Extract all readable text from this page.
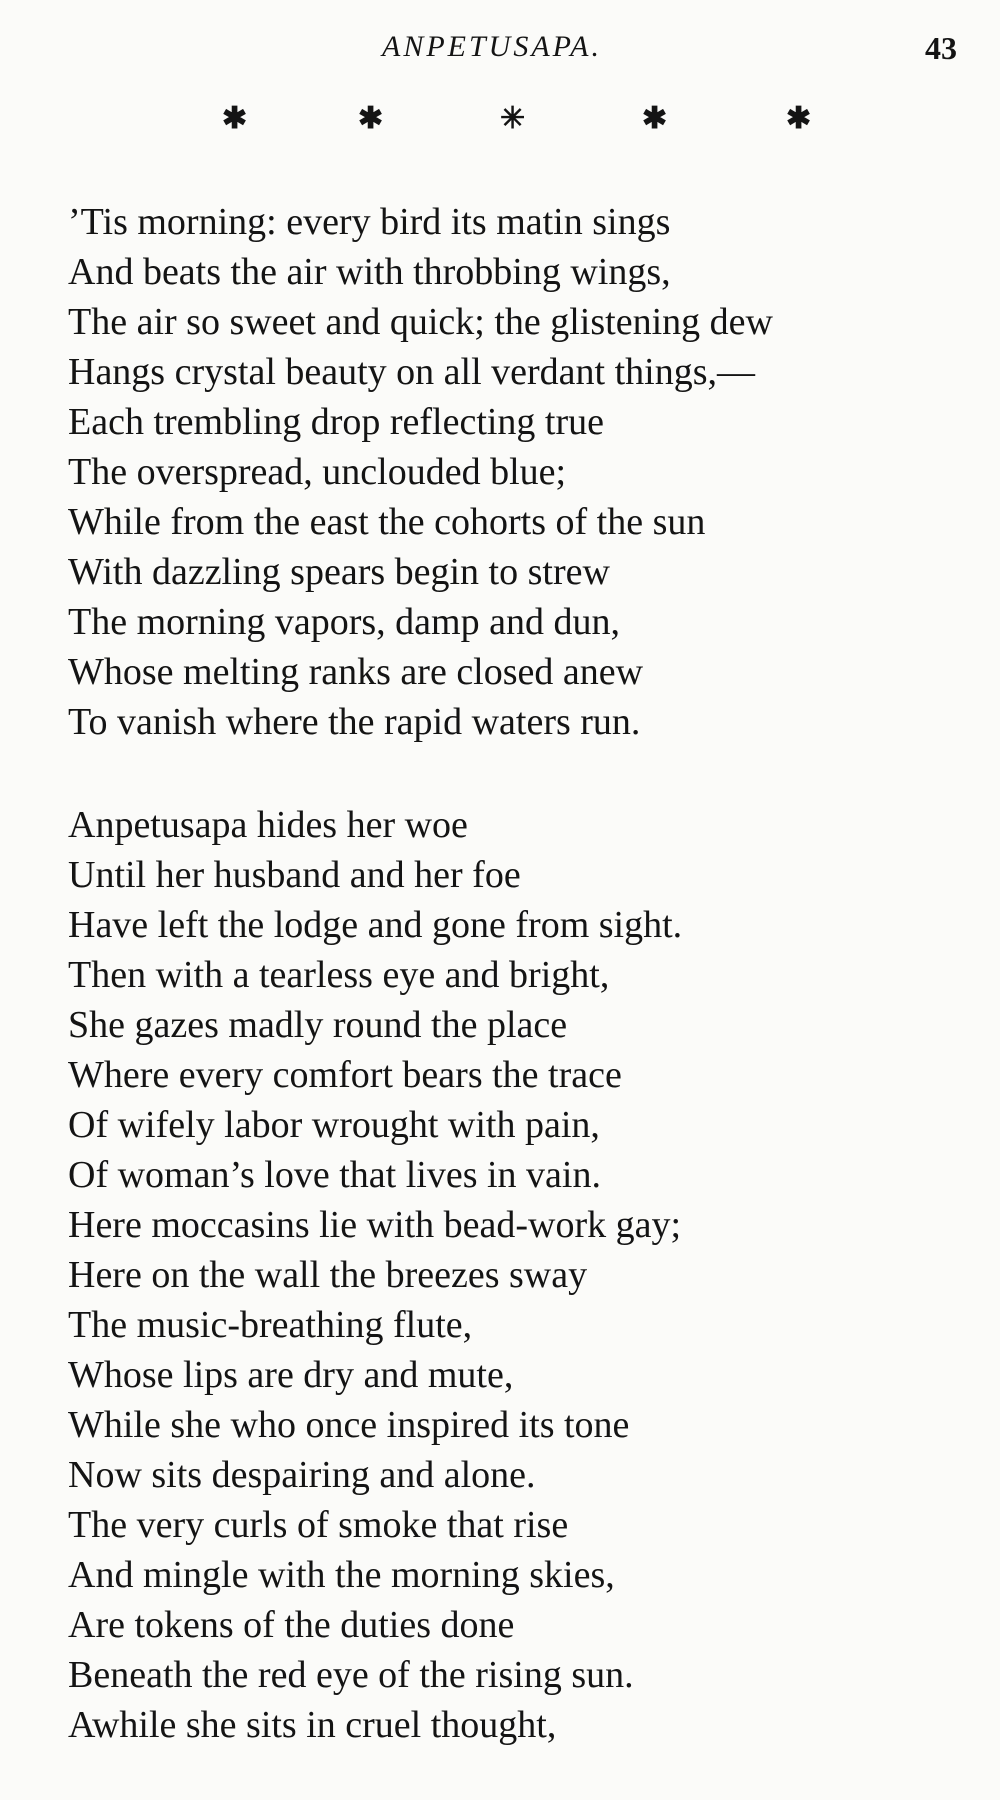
ANPETUSAPA.	43
✱	✱	✳	✱	✱
’Tis morning: every bird its matin sings
And beats the air with throbbing wings,
The air so sweet and quick; the glistening dew
Hangs crystal beauty on all verdant things,—
Each trembling drop reflecting true
The overspread, unclouded blue;
While from the east the cohorts of the sun
With dazzling spears begin to strew
The morning vapors, damp and dun,
Whose melting ranks are closed anew
To vanish where the rapid waters run.
Anpetusapa hides her woe
Until her husband and her foe
Have left the lodge and gone from sight.
Then with a tearless eye and bright,
She gazes madly round the place
Where every comfort bears the trace
Of wifely labor wrought with pain,
Of woman’s love that lives in vain.
Here moccasins lie with bead-work gay;
Here on the wall the breezes sway
The music-breathing flute,
Whose lips are dry and mute,
While she who once inspired its tone
Now sits despairing and alone.
The very curls of smoke that rise
And mingle with the morning skies,
Are tokens of the duties done
Beneath the red eye of the rising sun.
Awhile she sits in cruel thought,
